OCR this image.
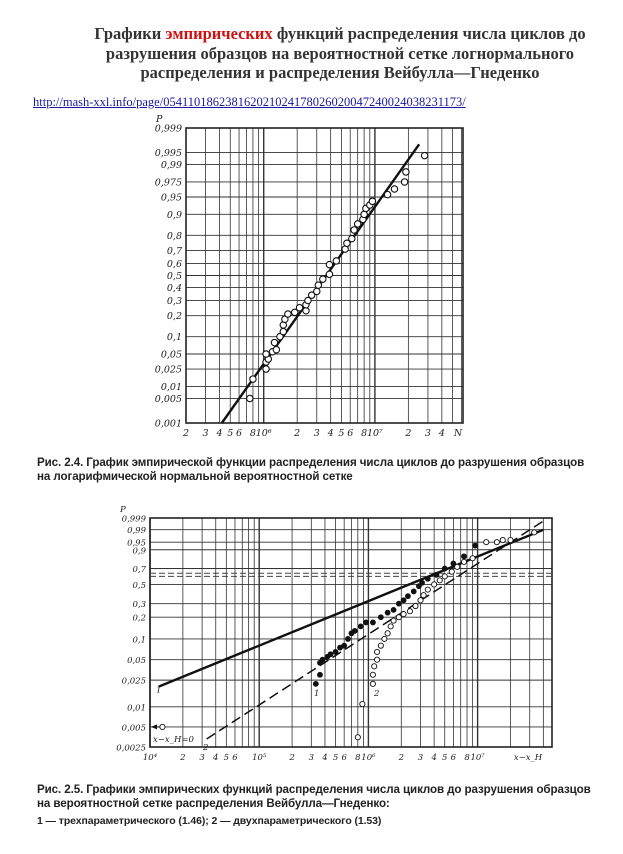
Графики эмпирических функций распределения числа циклов до разрушения образцов на вероятностной сетке логнормального распределения и распределения Вейбулла—Гнеденко
http://mash-xxl.info/page/054110186238162021024178026020047240024038231173/
0,999
0,995
0,99
0,975
0,95
0,9
0,8
0,7
0,6
0,5
0,4
0,3
0,2
0,1
0,05
0,025
0,01
0,005
0,001
2 3 4 5 6 8 10⁶ 2 3 4 5 6 8 10⁷ 2 3 4 N
P
Рис. 2.4. График эмпирической функции распределения числа циклов до разрушения образцов на логарифмической нормальной вероятностной сетке
0,999
0,99
0,95
0,9
0,7
0,5
0,3
0,2
0,1
0,05
0,025
0,01
0,005
0,0025
10⁴	2 3 4 5 6 10⁵	2 3 4 5 6 8 10⁶	2 3 4 5 6 8 10⁷	x−x_H
P
x−x_H=0
1
2
1	2
Рис. 2.5. Графики эмпирических функций распределения числа циклов до разрушения образцов на вероятностной сетке распределения Вейбулла—Гнеденко:
1 — трехпараметрического (1.46); 2 — двухпараметрического (1.53)
